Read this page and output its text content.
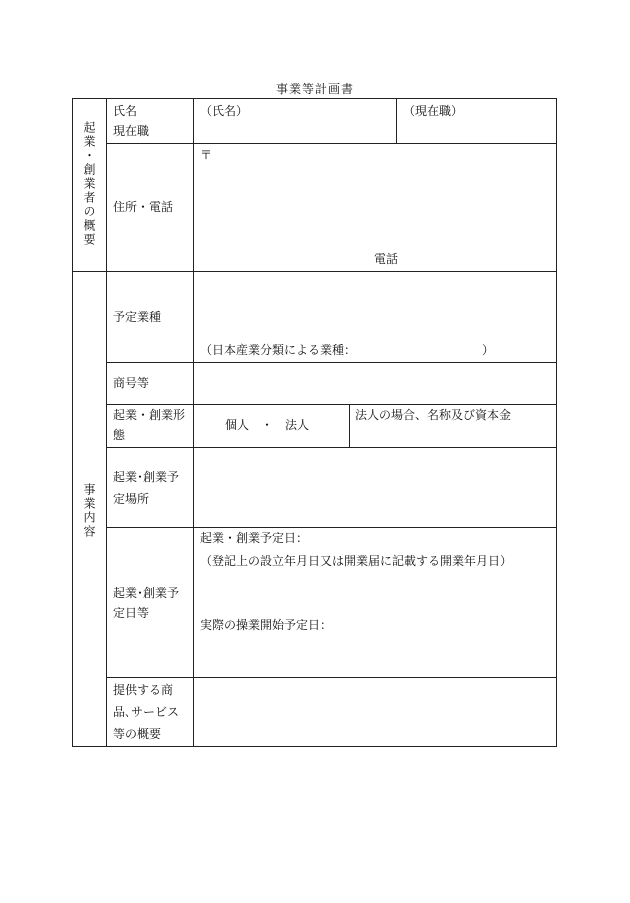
事業等計画書
起業・創業者の概要
氏名
現在職
（氏名）	（現在職）
住所・電話
〒
電話
事業内容
予定業種
（日本産業分類による業種：　　　　　　　　　　　）
商号等
起業・創業形
態
個人　・　法人
法人の場合、名称及び資本金
起業･創業予
定場所
起業･創業予
定日等
起業・創業予定日：
（登記上の設立年月日又は開業届に記載する開業年月日）
実際の操業開始予定日：
提供する商
品､サービス
等の概要
